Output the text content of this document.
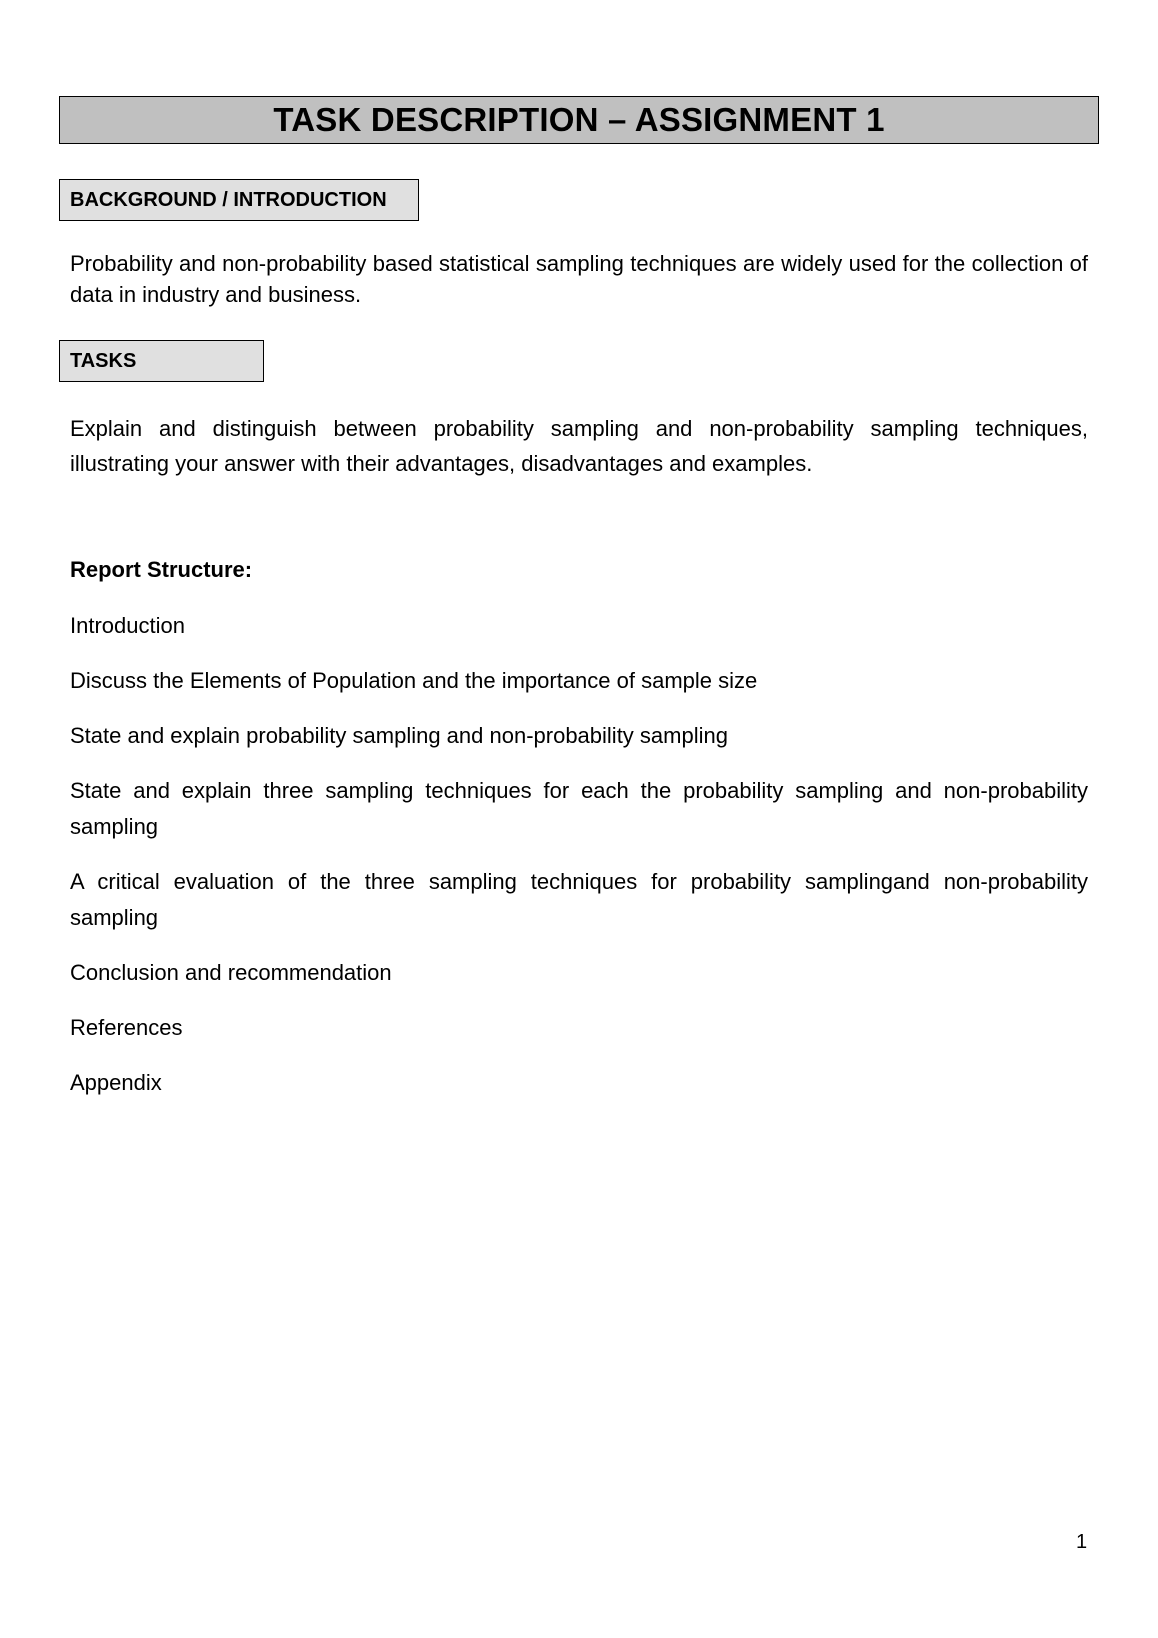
TASK DESCRIPTION – ASSIGNMENT 1
BACKGROUND / INTRODUCTION

Probability and non-probability based statistical sampling techniques are widely used for the collection of data in industry and business.

TASKS

Explain and distinguish between probability sampling and non-probability sampling techniques, illustrating your answer with their advantages, disadvantages and examples.

Report Structure:
Introduction
Discuss the Elements of Population and the importance of sample size
State and explain probability sampling and non-probability sampling
State and explain three sampling techniques for each the probability sampling and non-probability sampling
A critical evaluation of the three sampling techniques for probability samplingand non-probability sampling
Conclusion and recommendation
References
Appendix
1
